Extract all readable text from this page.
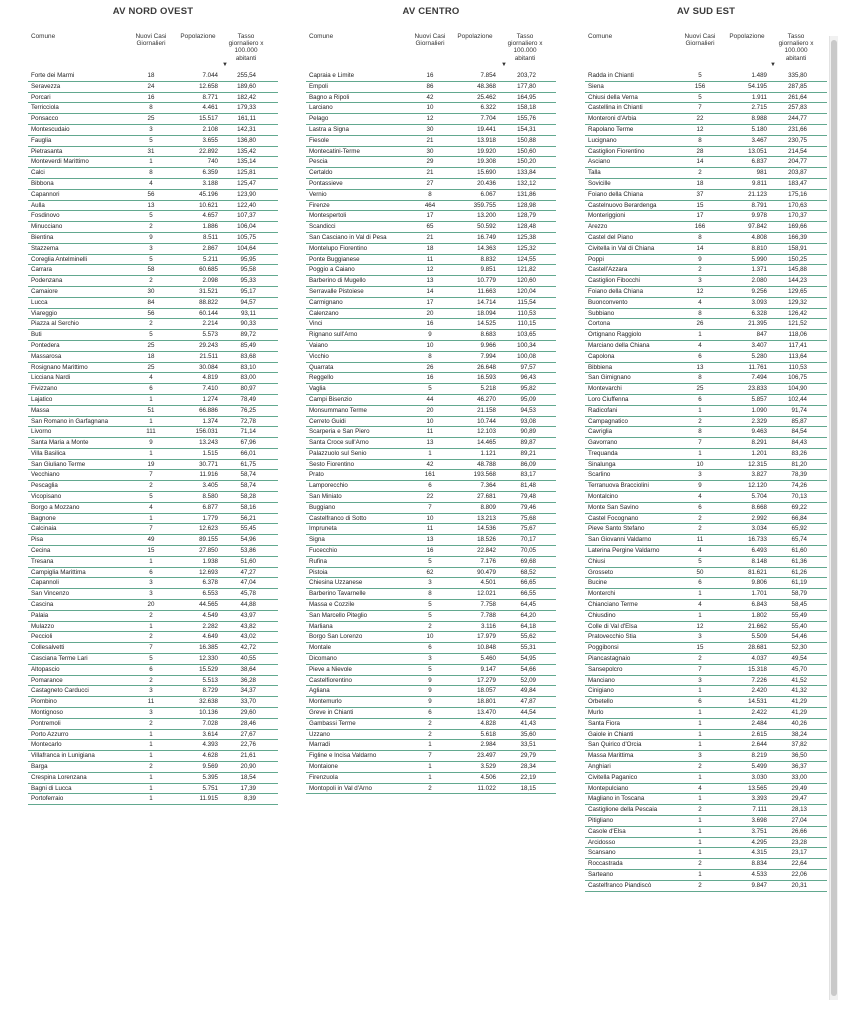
AV NORD OVEST
Comune	Nuovi Casi
Giornalieri
Popolazione	Tasso
giornaliero x
100.000
abitanti
▼
Forte dei Marmi	18	7.044	255,54
Seravezza	24	12.658	189,60
Porcari	16	8.771	182,42
Terricciola	8	4.461	179,33
Ponsacco	25	15.517	161,11
Montescudaio	3	2.108	142,31
Fauglia	5	3.655	136,80
Pietrasanta	31	22.892	135,42
Monteverdi Marittimo	1	740	135,14
Calci	8	6.359	125,81
Bibbona	4	3.188	125,47
Capannori	56	45.196	123,90
Aulla	13	10.621	122,40
Fosdinovo	5	4.657	107,37
Minucciano	2	1.886	106,04
Bientina	9	8.511	105,75
Stazzema	3	2.867	104,64
Coreglia Antelminelli	5	5.211	95,95
Carrara	58	60.685	95,58
Podenzana	2	2.098	95,33
Camaiore	30	31.521	95,17
Lucca	84	88.822	94,57
Viareggio	56	60.144	93,11
Piazza al Serchio	2	2.214	90,33
Buti	5	5.573	89,72
Pontedera	25	29.243	85,49
Massarosa	18	21.511	83,68
Rosignano Marittimo	25	30.084	83,10
Licciana Nardi	4	4.819	83,00
Fivizzano	6	7.410	80,97
Lajatico	1	1.274	78,49
Massa	51	66.886	76,25
San Romano in Garfagnana	1	1.374	72,78
Livorno	111	156.031	71,14
Santa Maria a Monte	9	13.243	67,96
Villa Basilica	1	1.515	66,01
San Giuliano Terme	19	30.771	61,75
Vecchiano	7	11.916	58,74
Pescaglia	2	3.405	58,74
Vicopisano	5	8.580	58,28
Borgo a Mozzano	4	6.877	58,16
Bagnone	1	1.779	56,21
Calcinaia	7	12.623	55,45
Pisa	49	89.155	54,96
Cecina	15	27.850	53,86
Tresana	1	1.938	51,60
Campiglia Marittima	6	12.693	47,27
Capannoli	3	6.378	47,04
San Vincenzo	3	6.553	45,78
Cascina	20	44.565	44,88
Palaia	2	4.549	43,97
Mulazzo	1	2.282	43,82
Peccioli	2	4.649	43,02
Collesalvetti	7	16.385	42,72
Casciana Terme Lari	5	12.330	40,55
Altopascio	6	15.529	38,64
Pomarance	2	5.513	36,28
Castagneto Carducci	3	8.729	34,37
Piombino	11	32.638	33,70
Montignoso	3	10.136	29,60
Pontremoli	2	7.028	28,46
Porto Azzurro	1	3.614	27,67
Montecarlo	1	4.393	22,76
Villafranca in Lunigiana	1	4.628	21,61
Barga	2	9.569	20,90
Crespina Lorenzana	1	5.395	18,54
Bagni di Lucca	1	5.751	17,39
Portoferraio	1	11.915	8,39
AV CENTRO
Comune	Nuovi Casi
Giornalieri
Popolazione	Tasso
giornaliero x
100.000
abitanti
▼
Capraia e Limite	16	7.854	203,72
Empoli	86	48.368	177,80
Bagno a Ripoli	42	25.462	164,95
Larciano	10	6.322	158,18
Pelago	12	7.704	155,76
Lastra a Signa	30	19.441	154,31
Fiesole	21	13.918	150,88
Montecatini-Terme	30	19.920	150,60
Pescia	29	19.308	150,20
Certaldo	21	15.690	133,84
Pontassieve	27	20.436	132,12
Vernio	8	6.067	131,86
Firenze	464	359.755	128,98
Montespertoli	17	13.200	128,79
Scandicci	65	50.592	128,48
San Casciano in Val di Pesa	21	16.749	125,38
Montelupo Fiorentino	18	14.363	125,32
Ponte Buggianese	11	8.832	124,55
Poggio a Caiano	12	9.851	121,82
Barberino di Mugello	13	10.779	120,60
Serravalle Pistoiese	14	11.663	120,04
Carmignano	17	14.714	115,54
Calenzano	20	18.094	110,53
Vinci	16	14.525	110,15
Rignano sull'Arno	9	8.683	103,65
Vaiano	10	9.966	100,34
Vicchio	8	7.994	100,08
Quarrata	26	26.648	97,57
Reggello	16	16.593	96,43
Vaglia	5	5.218	95,82
Campi Bisenzio	44	46.270	95,09
Monsummano Terme	20	21.158	94,53
Cerreto Guidi	10	10.744	93,08
Scarperia e San Piero	11	12.103	90,89
Santa Croce sull'Arno	13	14.465	89,87
Palazzuolo sul Senio	1	1.121	89,21
Sesto Fiorentino	42	48.788	86,09
Prato	161	193.568	83,17
Lamporecchio	6	7.364	81,48
San Miniato	22	27.681	79,48
Buggiano	7	8.809	79,46
Castelfranco di Sotto	10	13.213	75,68
Impruneta	11	14.536	75,67
Signa	13	18.526	70,17
Fucecchio	16	22.842	70,05
Rufina	5	7.176	69,68
Pistoia	62	90.479	68,52
Chiesina Uzzanese	3	4.501	66,65
Barberino Tavarnelle	8	12.021	66,55
Massa e Cozzile	5	7.758	64,45
San Marcello Piteglio	5	7.788	64,20
Marliana	2	3.116	64,18
Borgo San Lorenzo	10	17.979	55,62
Montale	6	10.848	55,31
Dicomano	3	5.460	54,95
Pieve a Nievole	5	9.147	54,66
Castelfiorentino	9	17.279	52,09
Agliana	9	18.057	49,84
Montemurlo	9	18.801	47,87
Greve in Chianti	6	13.470	44,54
Gambassi Terme	2	4.828	41,43
Uzzano	2	5.618	35,60
Marradi	1	2.984	33,51
Figline e Incisa Valdarno	7	23.497	29,79
Montaione	1	3.529	28,34
Firenzuola	1	4.506	22,19
Montopoli in Val d'Arno	2	11.022	18,15
AV SUD EST
Comune	Nuovi Casi
Giornalieri
Popolazione	Tasso
giornaliero x
100.000
abitanti
▼
Radda in Chianti	5	1.489	335,80
Siena	156	54.195	287,85
Chiusi della Verna	5	1.911	261,64
Castellina in Chianti	7	2.715	257,83
Monteroni d'Arbia	22	8.988	244,77
Rapolano Terme	12	5.180	231,66
Lucignano	8	3.467	230,75
Castiglion Fiorentino	28	13.051	214,54
Asciano	14	6.837	204,77
Talla	2	981	203,87
Sovicille	18	9.811	183,47
Foiano della Chiana	37	21.123	175,16
Castelnuovo Berardenga	15	8.791	170,63
Monteriggioni	17	9.978	170,37
Arezzo	166	97.842	169,66
Castel del Piano	8	4.808	166,39
Civitella in Val di Chiana	14	8.810	158,91
Poppi	9	5.990	150,25
Castell'Azzara	2	1.371	145,88
Castiglion Fibocchi	3	2.080	144,23
Foiano della Chiana	12	9.256	129,65
Buonconvento	4	3.093	129,32
Subbiano	8	6.328	126,42
Cortona	26	21.395	121,52
Ortignano Raggiolo	1	847	118,06
Marciano della Chiana	4	3.407	117,41
Capolona	6	5.280	113,64
Bibbiena	13	11.761	110,53
San Gimignano	8	7.494	106,75
Montevarchi	25	23.833	104,90
Loro Ciuffenna	6	5.857	102,44
Radicofani	1	1.090	91,74
Campagnatico	2	2.329	85,87
Cavriglia	8	9.463	84,54
Gavorrano	7	8.291	84,43
Trequanda	1	1.201	83,26
Sinalunga	10	12.315	81,20
Scarlino	3	3.827	78,39
Terranuova Bracciolini	9	12.120	74,26
Montalcino	4	5.704	70,13
Monte San Savino	6	8.668	69,22
Castel Focognano	2	2.992	66,84
Pieve Santo Stefano	2	3.034	65,92
San Giovanni Valdarno	11	16.733	65,74
Laterina Pergine Valdarno	4	6.493	61,60
Chiusi	5	8.148	61,36
Grosseto	50	81.621	61,26
Bucine	6	9.806	61,19
Monterchi	1	1.701	58,79
Chianciano Terme	4	6.843	58,45
Chiusdino	1	1.802	55,49
Colle di Val d'Elsa	12	21.662	55,40
Pratovecchio Stia	3	5.509	54,46
Poggibonsi	15	28.681	52,30
Piancastagnaio	2	4.037	49,54
Sansepolcro	7	15.318	45,70
Manciano	3	7.226	41,52
Cinigiano	1	2.420	41,32
Orbetello	6	14.531	41,29
Murlo	1	2.422	41,29
Santa Fiora	1	2.484	40,26
Gaiole in Chianti	1	2.615	38,24
San Quirico d'Orcia	1	2.644	37,82
Massa Marittima	3	8.219	36,50
Anghiari	2	5.499	36,37
Civitella Paganico	1	3.030	33,00
Montepulciano	4	13.565	29,49
Magliano in Toscana	1	3.393	29,47
Castiglione della Pescaia	2	7.111	28,13
Pitigliano	1	3.698	27,04
Casole d'Elsa	1	3.751	26,66
Arcidosso	1	4.295	23,28
Scansano	1	4.315	23,17
Roccastrada	2	8.834	22,64
Sarteano	1	4.533	22,06
Castelfranco Piandiscò	2	9.847	20,31
